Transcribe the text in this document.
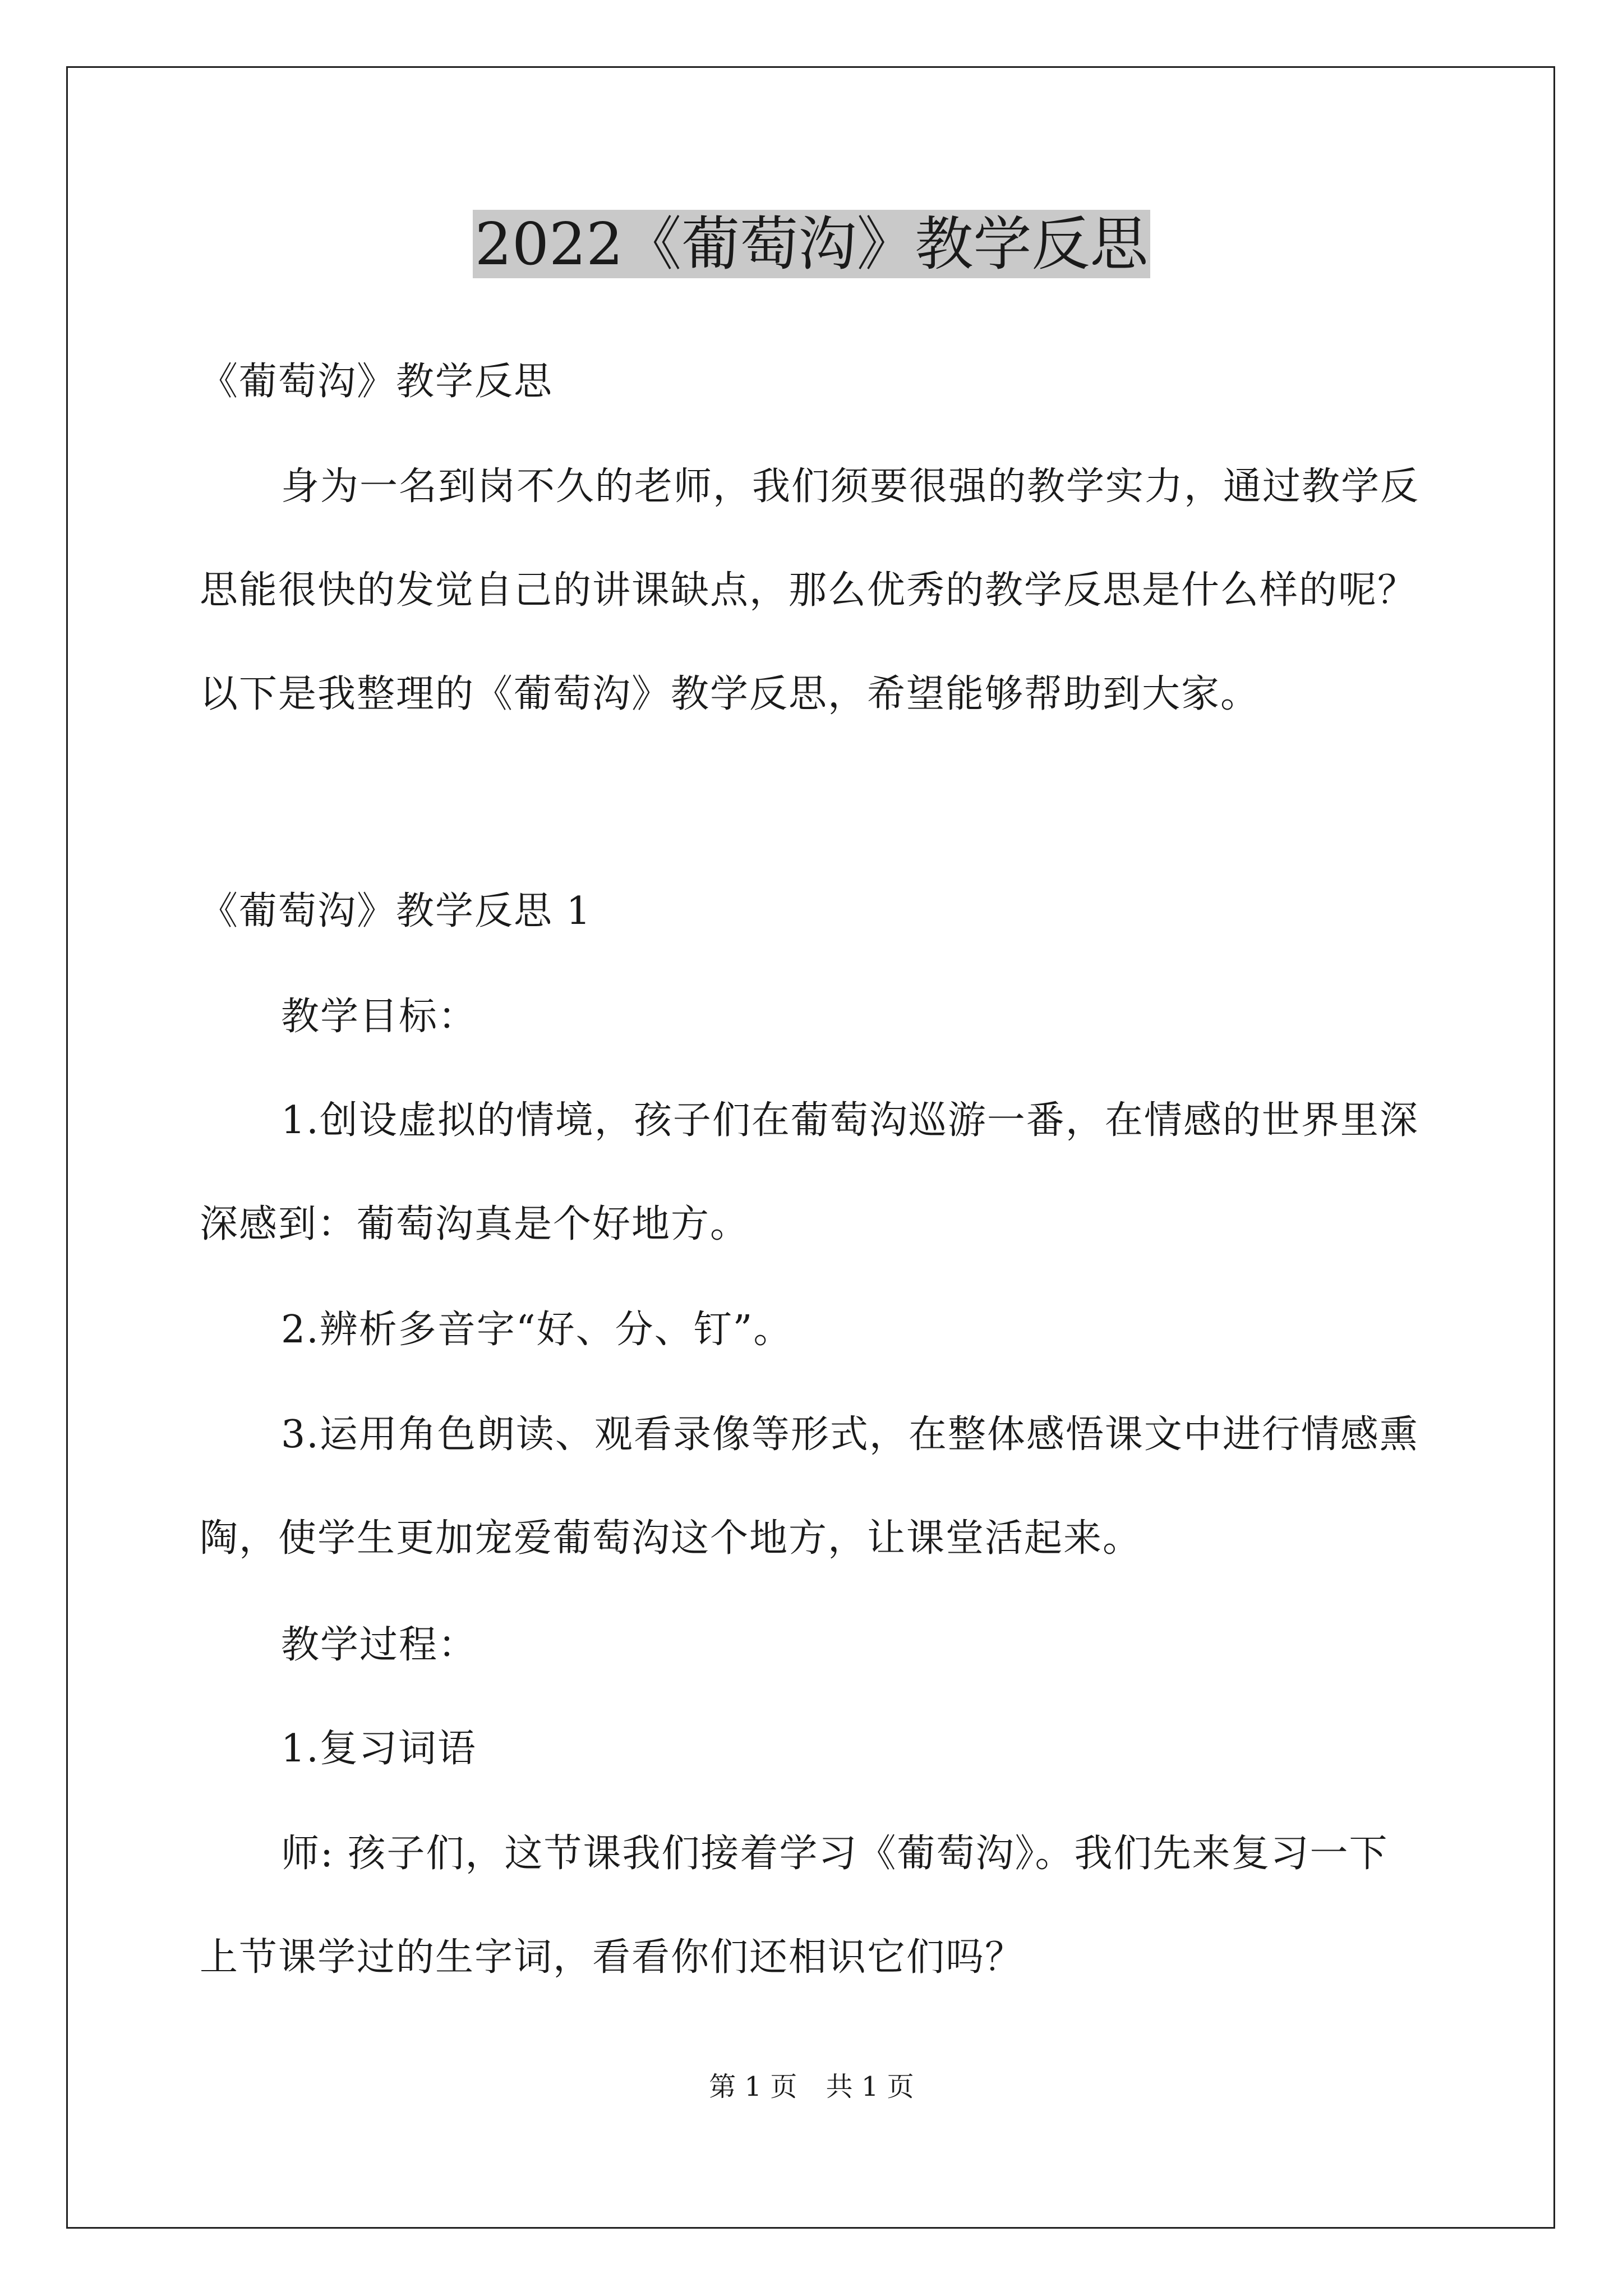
2022《葡萄沟》教学反思

《葡萄沟》教学反思

身为一名到岗不久的老师，我们须要很强的教学实力，通过教学反思能很快的发觉自己的讲课缺点，那么优秀的教学反思是什么样的呢？以下是我整理的《葡萄沟》教学反思，希望能够帮助到大家。

《葡萄沟》教学反思 1

教学目标：

1.创设虚拟的情境，孩子们在葡萄沟巡游一番，在情感的世界里深深感到：葡萄沟真是个好地方。

2.辨析多音字“好、分、钉”。

3.运用角色朗读、观看录像等形式，在整体感悟课文中进行情感熏陶，使学生更加宠爱葡萄沟这个地方，让课堂活起来。

教学过程：

1.复习词语

师: 孩子们，这节课我们接着学习《葡萄沟》。我们先来复习一下上节课学过的生字词，看看你们还相识它们吗？

第 1 页 共 1 页
